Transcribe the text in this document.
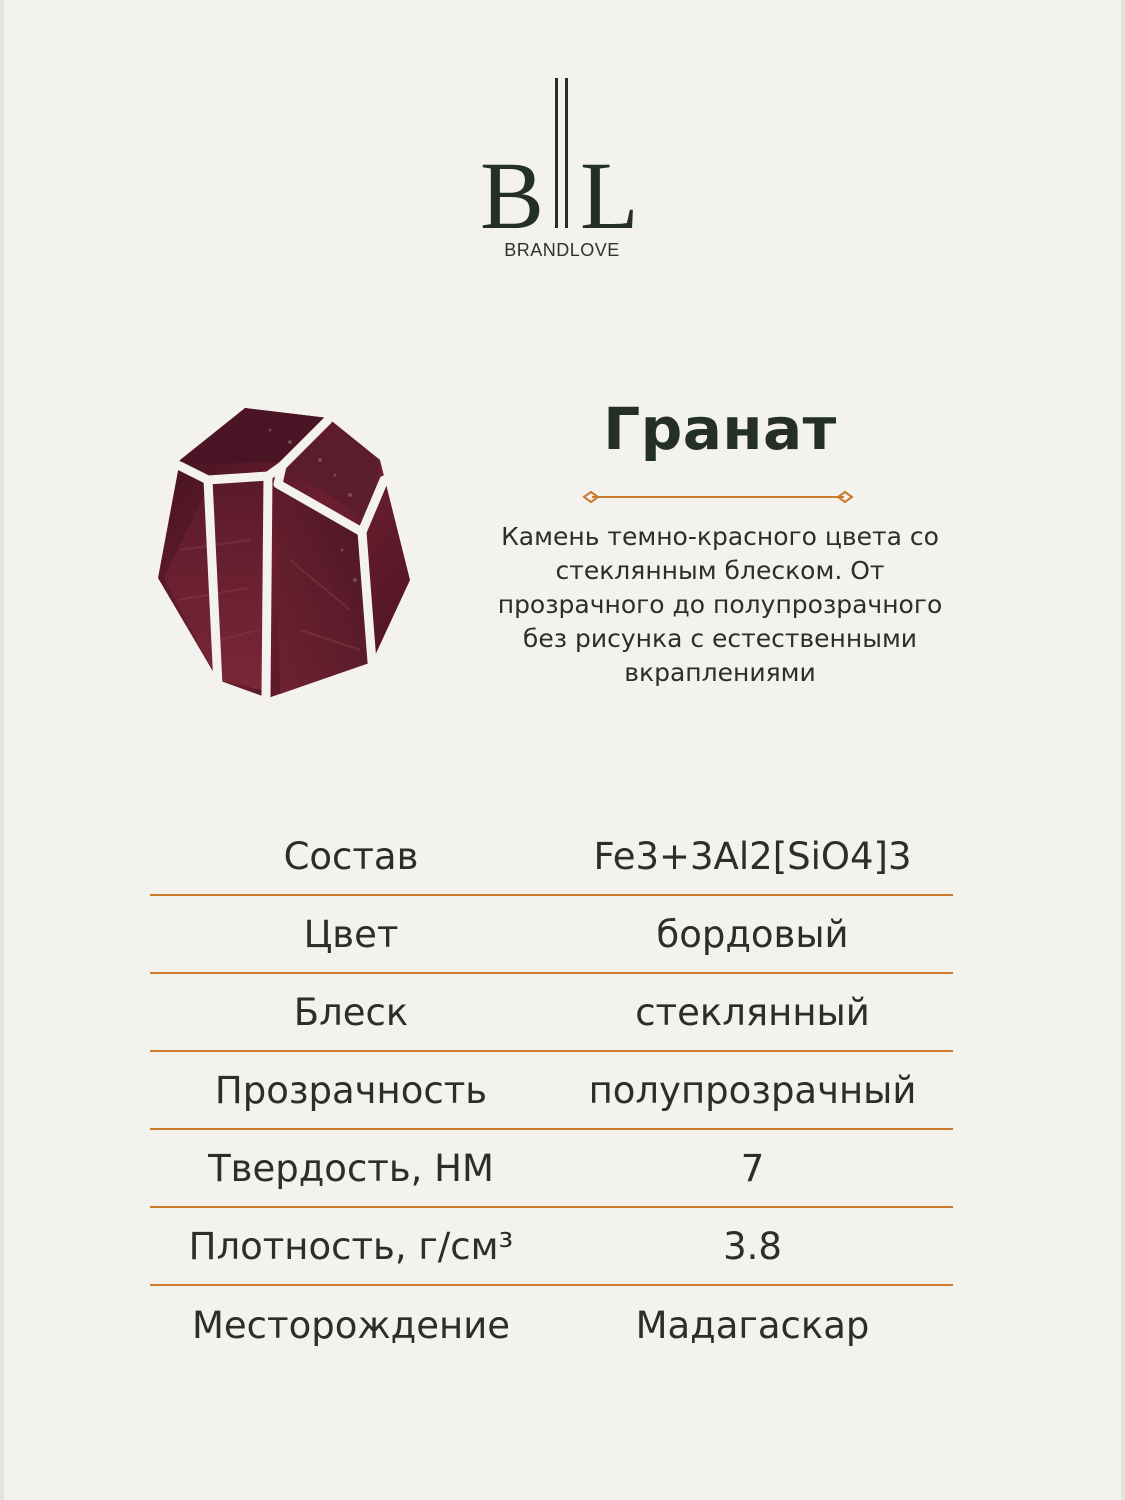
B L
BRANDLOVE
Гранат
Камень темно-красного цвета со стеклянным блеском. От прозрачного до полупрозрачного без рисунка с естественными вкраплениями
Состав	Fe3+3Al2[SiO4]3
Цвет	бордовый
Блеск	стеклянный
Прозрачность	полупрозрачный
Твердость, НМ	7
Плотность, г/см³	3.8
Месторождение	Мадагаскар
